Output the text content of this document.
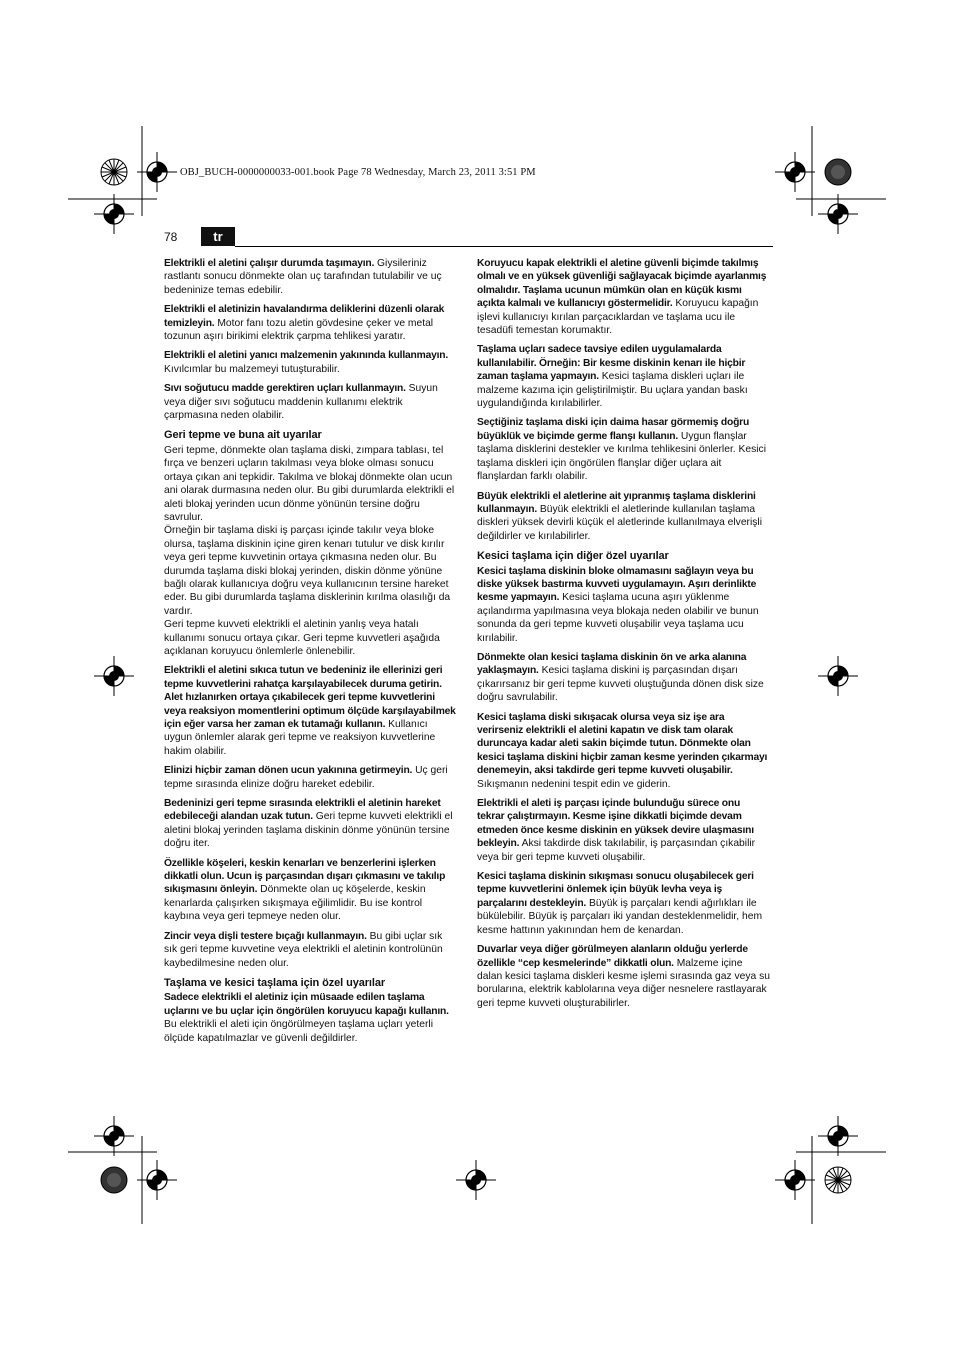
OBJ_BUCH-0000000033-001.book Page 78 Wednesday, March 23, 2011 3:51 PM
78	tr

Elektrikli el aletini çalışır durumda taşımayın. Giysileriniz rastlantı sonucu dönmekte olan uç tarafından tutulabilir ve uç bedeninize temas edebilir.

Elektrikli el aletinizin havalandırma deliklerini düzenli olarak temizleyin. Motor fanı tozu aletin gövdesine çeker ve metal tozunun aşırı birikimi elektrik çarpma tehlikesi yaratır.

Elektrikli el aletini yanıcı malzemenin yakınında kullanmayın. Kıvılcımlar bu malzemeyi tutuşturabilir.

Sıvı soğutucu madde gerektiren uçları kullanmayın. Suyun veya diğer sıvı soğutucu maddenin kullanımı elektrik çarpmasına neden olabilir.

Geri tepme ve buna ait uyarılar

Geri tepme, dönmekte olan taşlama diski, zımpara tablası, tel fırça ve benzeri uçların takılması veya bloke olması sonucu ortaya çıkan ani tepkidir. Takılma ve blokaj dönmekte olan ucun ani olarak durmasına neden olur. Bu gibi durumlarda elektrikli el aleti blokaj yerinden ucun dönme yönünün tersine doğru savrulur.

Örneğin bir taşlama diski iş parçası içinde takılır veya bloke olursa, taşlama diskinin içine giren kenarı tutulur ve disk kırılır veya geri tepme kuvvetinin ortaya çıkmasına neden olur. Bu durumda taşlama diski blokaj yerinden, diskin dönme yönüne bağlı olarak kullanıcıya doğru veya kullanıcının tersine hareket eder. Bu gibi durumlarda taşlama disklerinin kırılma olasılığı da vardır.

Geri tepme kuvveti elektrikli el aletinin yanlış veya hatalı kullanımı sonucu ortaya çıkar. Geri tepme kuvvetleri aşağıda açıklanan koruyucu önlemlerle önlenebilir.

Elektrikli el aletini sıkıca tutun ve bedeniniz ile ellerinizi geri tepme kuvvetlerini rahatça karşılayabilecek duruma getirin. Alet hızlanırken ortaya çıkabilecek geri tepme kuvvetlerini veya reaksiyon momentlerini optimum ölçüde karşılayabilmek için eğer varsa her zaman ek tutamağı kullanın. Kullanıcı uygun önlemler alarak geri tepme ve reaksiyon kuvvetlerine hakim olabilir.

Elinizi hiçbir zaman dönen ucun yakınına getirmeyin. Uç geri tepme sırasında elinize doğru hareket edebilir.

Bedeninizi geri tepme sırasında elektrikli el aletinin hareket edebileceği alandan uzak tutun. Geri tepme kuvveti elektrikli el aletini blokaj yerinden taşlama diskinin dönme yönünün tersine doğru iter.

Özellikle köşeleri, keskin kenarları ve benzerlerini işlerken dikkatli olun. Ucun iş parçasından dışarı çıkmasını ve takılıp sıkışmasını önleyin. Dönmekte olan uç köşelerde, keskin kenarlarda çalışırken sıkışmaya eğilimlidir. Bu ise kontrol kaybına veya geri tepmeye neden olur.

Zincir veya dişli testere bıçağı kullanmayın. Bu gibi uçlar sık sık geri tepme kuvvetine veya elektrikli el aletinin kontrolünün kaybedilmesine neden olur.

Taşlama ve kesici taşlama için özel uyarılar

Sadece elektrikli el aletiniz için müsaade edilen taşlama uçlarını ve bu uçlar için öngörülen koruyucu kapağı kullanın. Bu elektrikli el aleti için öngörülmeyen taşlama uçları yeterli ölçüde kapatılmazlar ve güvenli değildirler.

Koruyucu kapak elektrikli el aletine güvenli biçimde takılmış olmalı ve en yüksek güvenliği sağlayacak biçimde ayarlanmış olmalıdır. Taşlama ucunun mümkün olan en küçük kısmı açıkta kalmalı ve kullanıcıyı göstermelidir. Koruyucu kapağın işlevi kullanıcıyı kırılan parçacıklardan ve taşlama ucu ile tesadüfi temestan korumaktır.

Taşlama uçları sadece tavsiye edilen uygulamalarda kullanılabilir. Örneğin: Bir kesme diskinin kenarı ile hiçbir zaman taşlama yapmayın. Kesici taşlama diskleri uçları ile malzeme kazıma için geliştirilmiştir. Bu uçlara yandan baskı uygulandığında kırılabilirler.

Seçtiğiniz taşlama diski için daima hasar görmemiş doğru büyüklük ve biçimde germe flanşı kullanın. Uygun flanşlar taşlama disklerini destekler ve kırılma tehlikesini önlerler. Kesici taşlama diskleri için öngörülen flanşlar diğer uçlara ait flanşlardan farklı olabilir.

Büyük elektrikli el aletlerine ait yıpranmış taşlama disklerini kullanmayın. Büyük elektrikli el aletlerinde kullanılan taşlama diskleri yüksek devirli küçük el aletlerinde kullanılmaya elverişli değildirler ve kırılabilirler.

Kesici taşlama için diğer özel uyarılar

Kesici taşlama diskinin bloke olmamasını sağlayın veya bu diske yüksek bastırma kuvveti uygulamayın. Aşırı derinlikte kesme yapmayın. Kesici taşlama ucuna aşırı yüklenme açılandırma yapılmasına veya blokaja neden olabilir ve bunun sonunda da geri tepme kuvveti oluşabilir veya taşlama ucu kırılabilir.

Dönmekte olan kesici taşlama diskinin ön ve arka alanına yaklaşmayın. Kesici taşlama diskini iş parçasından dışarı çıkarırsanız bir geri tepme kuvveti oluştuğunda dönen disk size doğru savrulabilir.

Kesici taşlama diski sıkışacak olursa veya siz işe ara verirseniz elektrikli el aletini kapatın ve disk tam olarak duruncaya kadar aleti sakin biçimde tutun. Dönmekte olan kesici taşlama diskini hiçbir zaman kesme yerinden çıkarmayı denemeyin, aksi takdirde geri tepme kuvveti oluşabilir. Sıkışmanın nedenini tespit edin ve giderin.

Elektrikli el aleti iş parçası içinde bulunduğu sürece onu tekrar çalıştırmayın. Kesme işine dikkatli biçimde devam etmeden önce kesme diskinin en yüksek devire ulaşmasını bekleyin. Aksi takdirde disk takılabilir, iş parçasından çıkabilir veya bir geri tepme kuvveti oluşabilir.

Kesici taşlama diskinin sıkışması sonucu oluşabilecek geri tepme kuvvetlerini önlemek için büyük levha veya iş parçalarını destekleyin. Büyük iş parçaları kendi ağırlıkları ile bükülebilir. Büyük iş parçaları iki yandan desteklenmelidir, hem kesme hattının yakınından hem de kenardan.

Duvarlar veya diğer görülmeyen alanların olduğu yerlerde özellikle “cep kesmelerinde” dikkatli olun. Malzeme içine dalan kesici taşlama diskleri kesme işlemi sırasında gaz veya su borularına, elektrik kablolarına veya diğer nesnelere rastlayarak geri tepme kuvveti oluşturabilirler.
